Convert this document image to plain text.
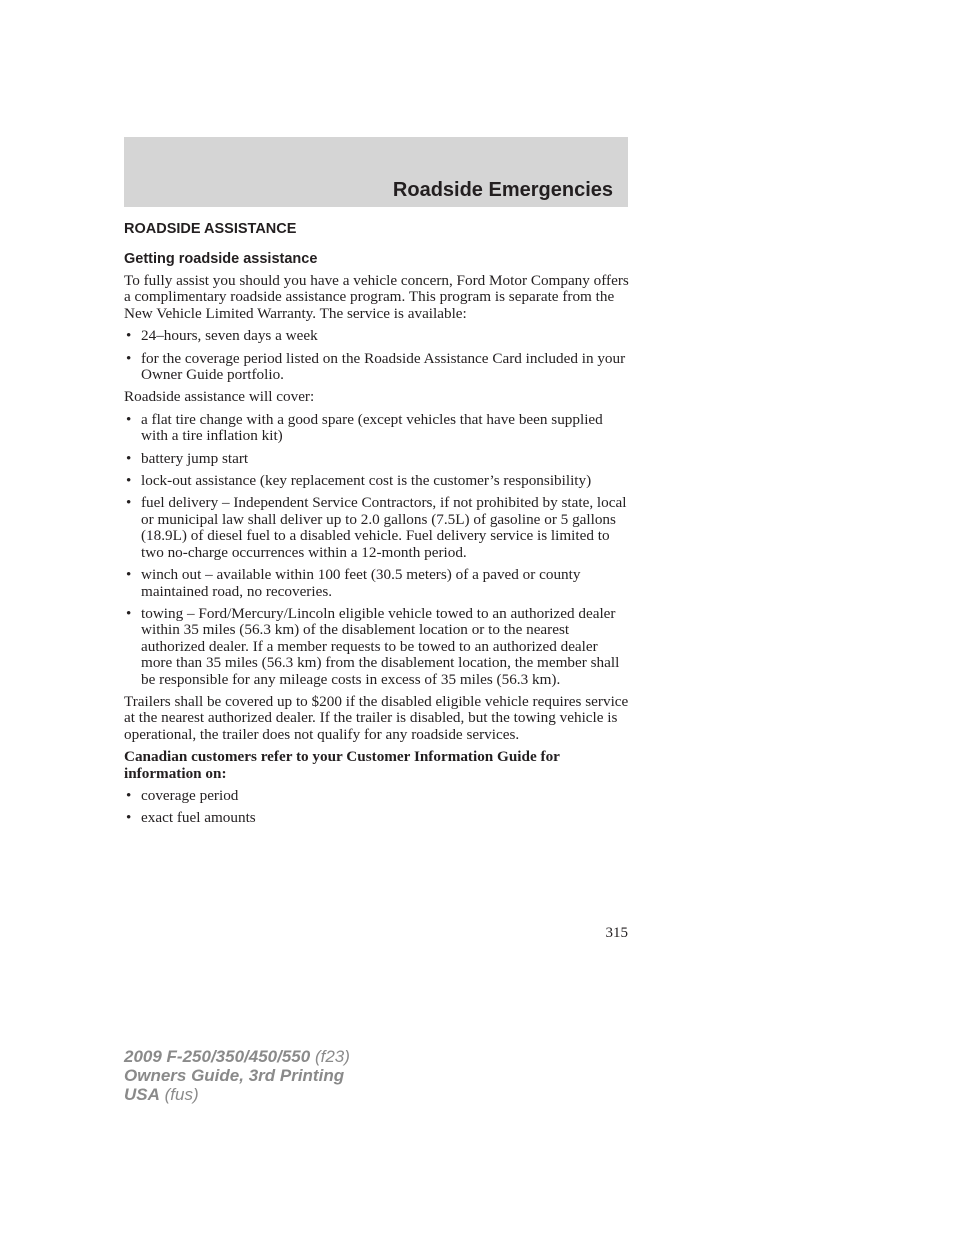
Roadside Emergencies
ROADSIDE ASSISTANCE
Getting roadside assistance

To fully assist you should you have a vehicle concern, Ford Motor Company offers a complimentary roadside assistance program. This program is separate from the New Vehicle Limited Warranty. The service is available:

• 24–hours, seven days a week
• for the coverage period listed on the Roadside Assistance Card included in your Owner Guide portfolio.

Roadside assistance will cover:

• a flat tire change with a good spare (except vehicles that have been supplied with a tire inflation kit)
• battery jump start
• lock-out assistance (key replacement cost is the customer’s responsibility)
• fuel delivery – Independent Service Contractors, if not prohibited by state, local or municipal law shall deliver up to 2.0 gallons (7.5L) of gasoline or 5 gallons (18.9L) of diesel fuel to a disabled vehicle. Fuel delivery service is limited to two no-charge occurrences within a 12-month period.
• winch out – available within 100 feet (30.5 meters) of a paved or county maintained road, no recoveries.
• towing – Ford/Mercury/Lincoln eligible vehicle towed to an authorized dealer within 35 miles (56.3 km) of the disablement location or to the nearest authorized dealer. If a member requests to be towed to an authorized dealer more than 35 miles (56.3 km) from the disablement location, the member shall be responsible for any mileage costs in excess of 35 miles (56.3 km).

Trailers shall be covered up to $200 if the disabled eligible vehicle requires service at the nearest authorized dealer. If the trailer is disabled, but the towing vehicle is operational, the trailer does not qualify for any roadside services.

Canadian customers refer to your Customer Information Guide for information on:

• coverage period
• exact fuel amounts

315

2009 F-250/350/450/550 (f23)
Owners Guide, 3rd Printing
USA (fus)
